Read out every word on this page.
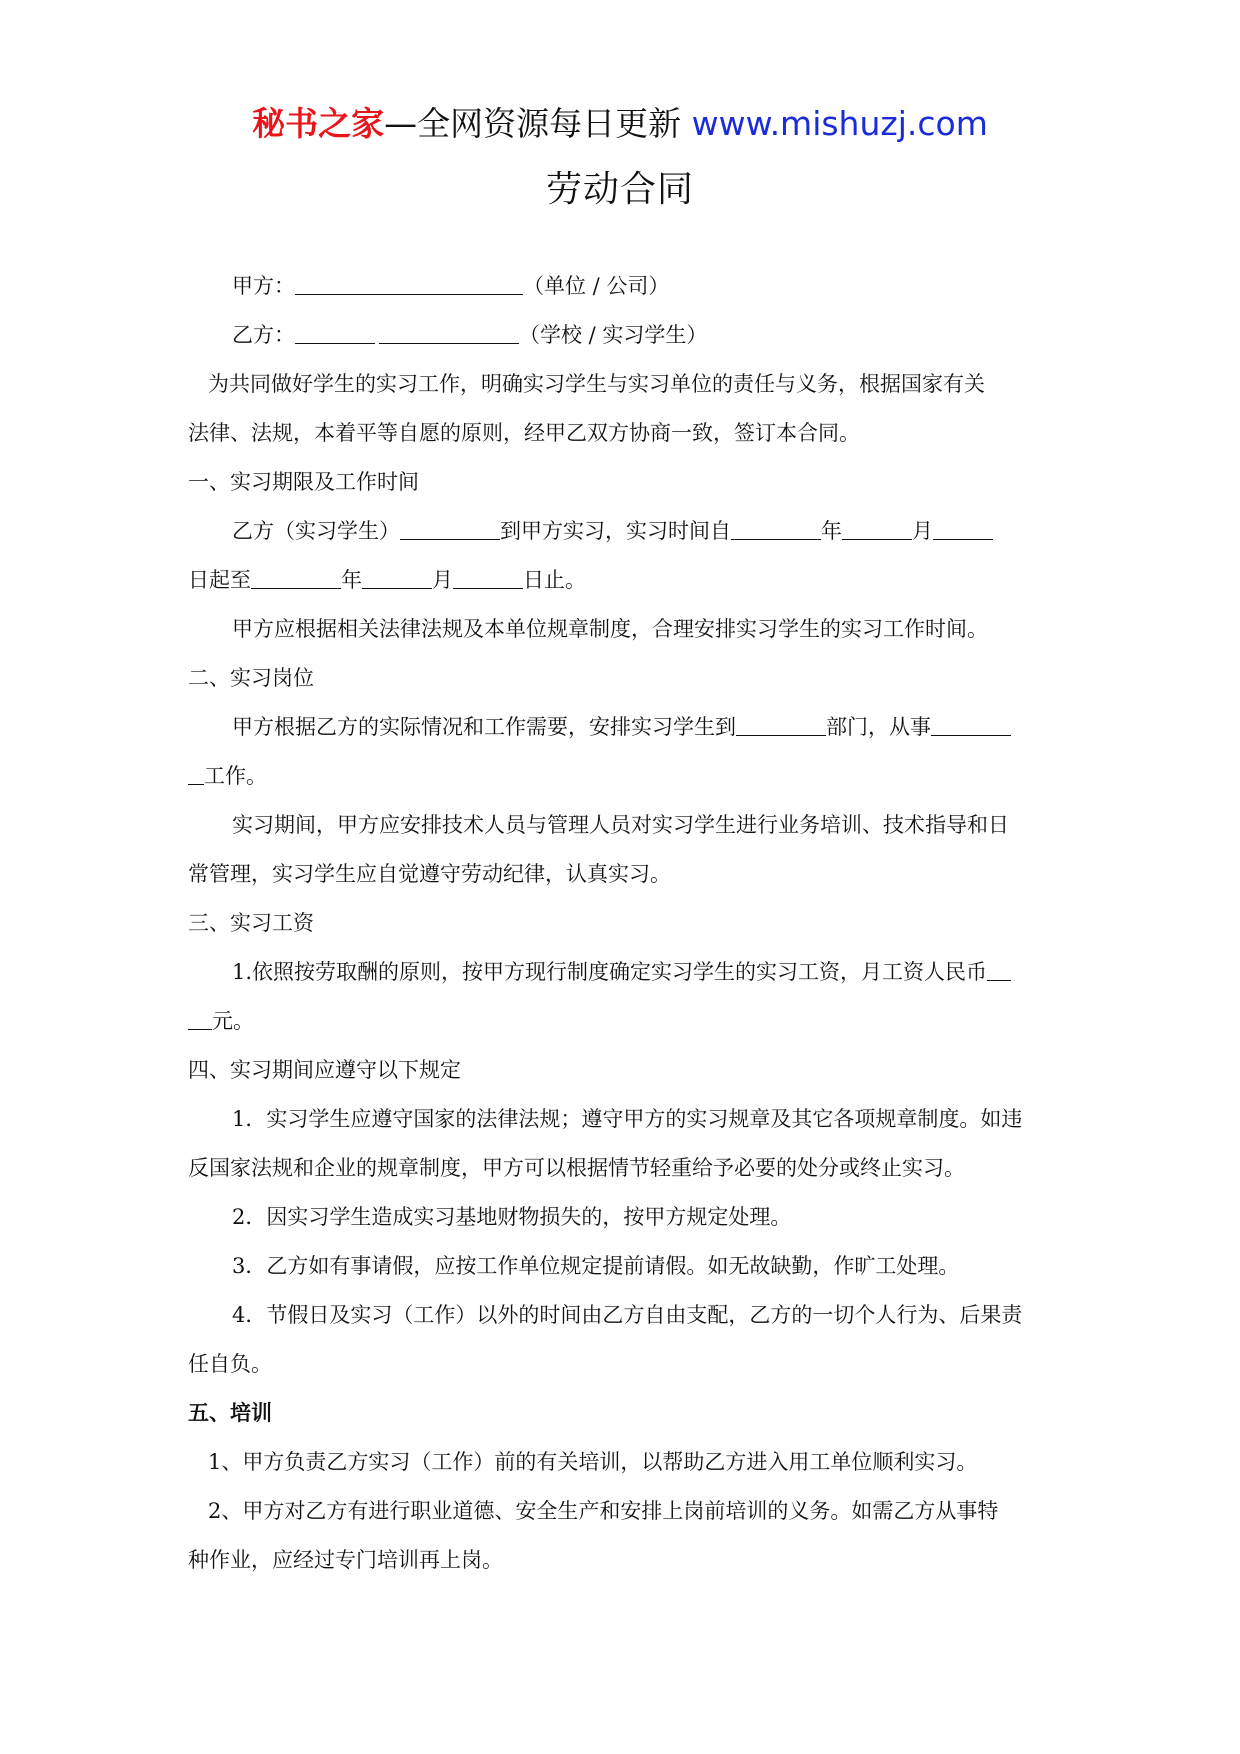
秘书之家—全网资源每日更新 www.mishuzj.com
劳动合同
甲方：	（单位 / 公司）
乙方：	（学校 / 实习学生）
为共同做好学生的实习工作，明确实习学生与实习单位的责任与义务，根据国家有关
法律、法规，本着平等自愿的原则，经甲乙双方协商一致，签订本合同。
一、实习期限及工作时间
乙方（实习学生）	到甲方实习，实习时间自	年	月
日起至	年	月	日止。
甲方应根据相关法律法规及本单位规章制度，合理安排实习学生的实习工作时间。
二、实习岗位
甲方根据乙方的实际情况和工作需要，安排实习学生到	部门，从事
工作。
实习期间，甲方应安排技术人员与管理人员对实习学生进行业务培训、技术指导和日
常管理，实习学生应自觉遵守劳动纪律，认真实习。
三、实习工资
1.依照按劳取酬的原则，按甲方现行制度确定实习学生的实习工资，月工资人民币
元。
四、实习期间应遵守以下规定
1．实习学生应遵守国家的法律法规；遵守甲方的实习规章及其它各项规章制度。如违
反国家法规和企业的规章制度，甲方可以根据情节轻重给予必要的处分或终止实习。
2．因实习学生造成实习基地财物损失的，按甲方规定处理。
3．乙方如有事请假，应按工作单位规定提前请假。如无故缺勤，作旷工处理。
4．节假日及实习（工作）以外的时间由乙方自由支配，乙方的一切个人行为、后果责
任自负。
五、培训
1、甲方负责乙方实习（工作）前的有关培训，以帮助乙方进入用工单位顺利实习。
2、甲方对乙方有进行职业道德、安全生产和安排上岗前培训的义务。如需乙方从事特
种作业，应经过专门培训再上岗。
